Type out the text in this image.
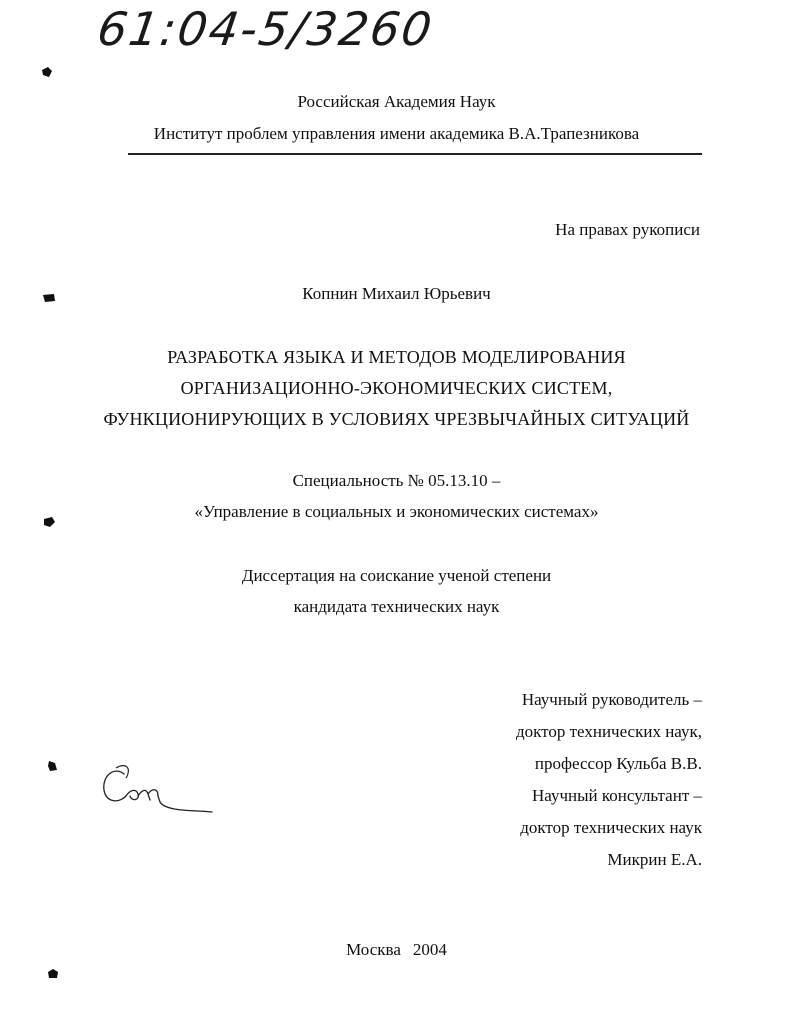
61:04-5/3260
Российская Академия Наук
Институт проблем управления имени академика В.А.Трапезникова
На правах рукописи
Копнин Михаил Юрьевич
РАЗРАБОТКА ЯЗЫКА И МЕТОДОВ МОДЕЛИРОВАНИЯ
ОРГАНИЗАЦИОННО-ЭКОНОМИЧЕСКИХ СИСТЕМ,
ФУНКЦИОНИРУЮЩИХ В УСЛОВИЯХ ЧРЕЗВЫЧАЙНЫХ СИТУАЦИЙ
Специальность № 05.13.10 –
«Управление в социальных и экономических системах»
Диссертация на соискание ученой степени
кандидата технических наук
Научный руководитель –
доктор технических наук,
профессор Кульба В.В.
Научный консультант –
доктор технических наук
Микрин Е.А.
Москва 2004
